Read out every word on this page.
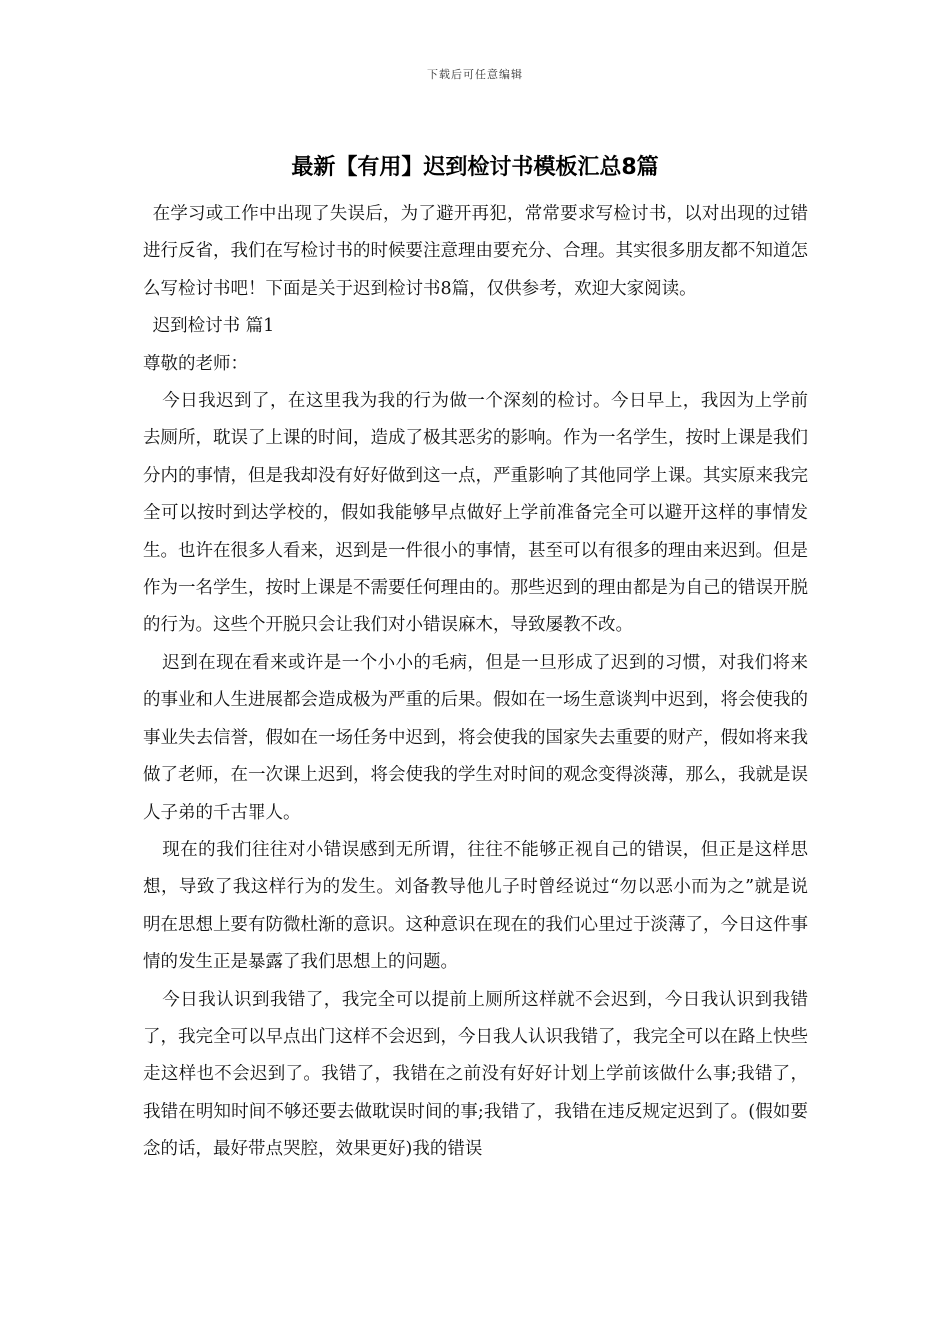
下载后可任意编辑
最新【有用】迟到检讨书模板汇总8篇

在学习或工作中出现了失误后，为了避开再犯，常常要求写检讨书，以对出现的过错进行反省，我们在写检讨书的时候要注意理由要充分、合理。其实很多朋友都不知道怎么写检讨书吧！下面是关于迟到检讨书8篇，仅供参考，欢迎大家阅读。

迟到检讨书 篇1

尊敬的老师：

今日我迟到了，在这里我为我的行为做一个深刻的检讨。今日早上，我因为上学前去厕所，耽误了上课的时间，造成了极其恶劣的影响。作为一名学生，按时上课是我们分内的事情，但是我却没有好好做到这一点，严重影响了其他同学上课。其实原来我完全可以按时到达学校的，假如我能够早点做好上学前准备完全可以避开这样的事情发生。也许在很多人看来，迟到是一件很小的事情，甚至可以有很多的理由来迟到。但是作为一名学生，按时上课是不需要任何理由的。那些迟到的理由都是为自己的错误开脱的行为。这些个开脱只会让我们对小错误麻木，导致屡教不改。

迟到在现在看来或许是一个小小的毛病，但是一旦形成了迟到的习惯，对我们将来的事业和人生进展都会造成极为严重的后果。假如在一场生意谈判中迟到，将会使我的事业失去信誉，假如在一场任务中迟到，将会使我的国家失去重要的财产，假如将来我做了老师，在一次课上迟到，将会使我的学生对时间的观念变得淡薄，那么，我就是误人子弟的千古罪人。

现在的我们往往对小错误感到无所谓，往往不能够正视自己的错误，但正是这样思想，导致了我这样行为的发生。刘备教导他儿子时曾经说过“勿以恶小而为之”就是说明在思想上要有防微杜渐的意识。这种意识在现在的我们心里过于淡薄了，今日这件事情的发生正是暴露了我们思想上的问题。

今日我认识到我错了，我完全可以提前上厕所这样就不会迟到，今日我认识到我错了，我完全可以早点出门这样不会迟到，今日我人认识我错了，我完全可以在路上快些走这样也不会迟到了。我错了，我错在之前没有好好计划上学前该做什么事;我错了，我错在明知时间不够还要去做耽误时间的事;我错了，我错在违反规定迟到了。(假如要念的话，最好带点哭腔，效果更好)我的错误
